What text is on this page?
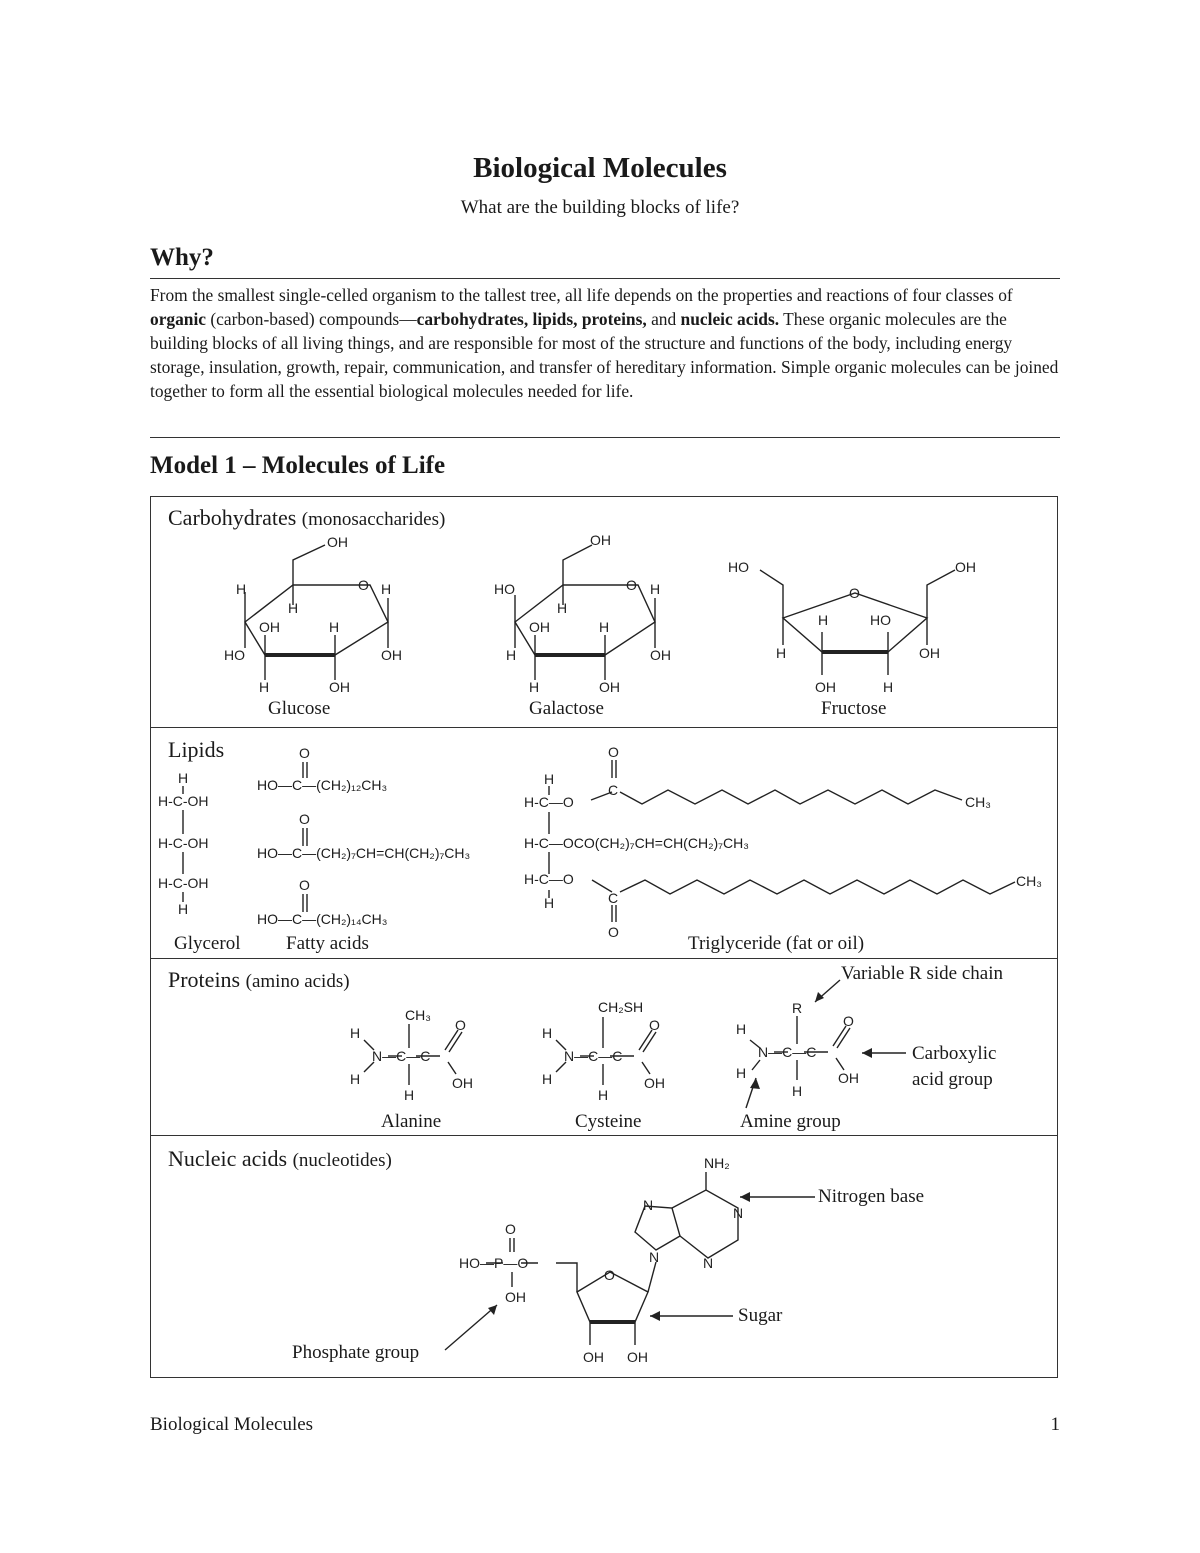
Biological Molecules
What are the building blocks of life?
Why?
From the smallest single-celled organism to the tallest tree, all life depends on the properties and reactions of four classes of organic (carbon-based) compounds—carbohydrates, lipids, proteins, and nucleic acids. These organic molecules are the building blocks of all living things, and are responsible for most of the structure and functions of the body, including energy storage, insulation, growth, repair, communication, and transfer of hereditary information. Simple organic molecules can be joined together to form all the essential biological molecules needed for life.
Model 1 – Molecules of Life
Carbohydrates (monosaccharides)
Lipids
Proteins (amino acids)
Nucleic acids (nucleotides)
Glucose	Galactose	Fructose
Glycerol Fatty acids	Triglyceride (fat or oil)
Alanine	Cysteine
Variable R side chain
Carboxylic
acid group
Amine group
Nitrogen base
Sugar
Phosphate group
HO—C—(CH₂)₁₂CH₃
HO—C—(CH₂)₇CH=CH(CH₂)₇CH₃
HO—C—(CH₂)₁₄CH₃
H-C—OCO(CH₂)₇CH=CH(CH₂)₇CH₃
CH₃	CH₂SH
NH₂
OH
H	O H
H
OH	H
HO	OH
H	OH
OH
HO	O H
H
OH	H
H	OH
H	OH
HO	OH
O
H	HO
H	OH
OH	H
H
H-C-OH
H-C-OH
H-C-OH
H
O
O
O
H
H-C—O
O
C
CH₃
H-C—O
H	C
O
CH₃
H
N—C—C
H
H
O
OH
H
N—C—C
H
H
O
OH
R
H
N—C—C
H
H
O
OH
O
HO—P—O
OH
O
OH OH
N
N
N
N
Biological Molecules	1
